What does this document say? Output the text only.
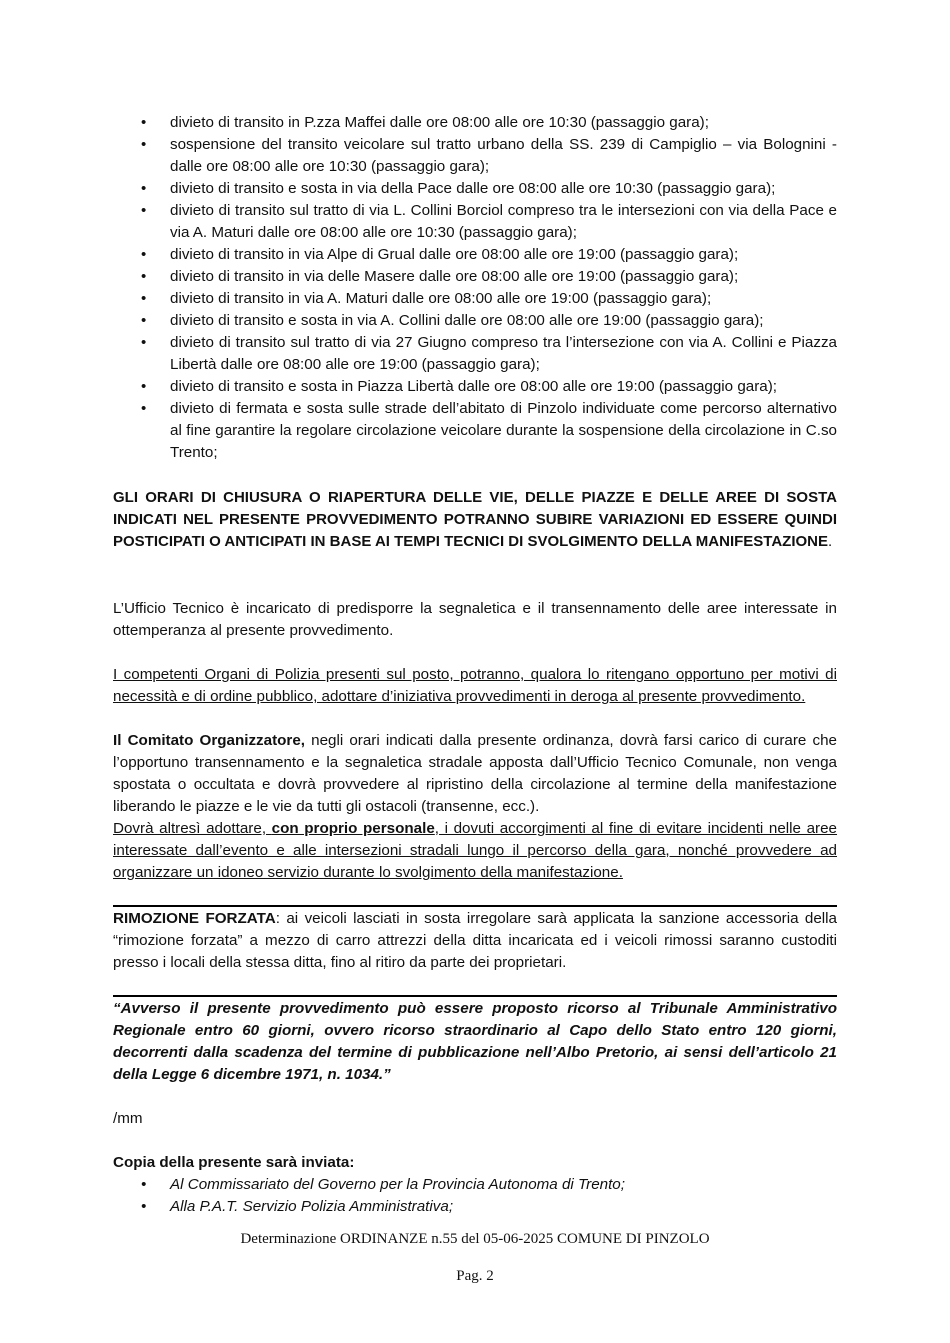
• divieto di transito in P.zza Maffei dalle ore 08:00 alle ore 10:30 (passaggio gara);
• sospensione del transito veicolare sul tratto urbano della SS. 239 di Campiglio – via Bolognini - dalle ore 08:00 alle ore 10:30 (passaggio gara);
• divieto di transito e sosta in via della Pace dalle ore 08:00 alle ore 10:30 (passaggio gara);
• divieto di transito sul tratto di via L. Collini Borciol compreso tra le intersezioni con via della Pace e via A. Maturi dalle ore 08:00 alle ore 10:30 (passaggio gara);
• divieto di transito in via Alpe di Grual dalle ore 08:00 alle ore 19:00 (passaggio gara);
• divieto di transito in via delle Masere dalle ore 08:00 alle ore 19:00 (passaggio gara);
• divieto di transito in via A. Maturi dalle ore 08:00 alle ore 19:00 (passaggio gara);
• divieto di transito e sosta in via A. Collini dalle ore 08:00 alle ore 19:00 (passaggio gara);
• divieto di transito sul tratto di via 27 Giugno compreso tra l’intersezione con via A. Collini e Piazza Libertà dalle ore 08:00 alle ore 19:00 (passaggio gara);
• divieto di transito e sosta in Piazza Libertà dalle ore 08:00 alle ore 19:00 (passaggio gara);
• divieto di fermata e sosta sulle strade dell’abitato di Pinzolo individuate come percorso alternativo al fine garantire la regolare circolazione veicolare durante la sospensione della circolazione in C.so Trento;

GLI ORARI DI CHIUSURA O RIAPERTURA DELLE VIE, DELLE PIAZZE E DELLE AREE DI SOSTA INDICATI NEL PRESENTE PROVVEDIMENTO POTRANNO SUBIRE VARIAZIONI ED ESSERE QUINDI POSTICIPATI O ANTICIPATI IN BASE AI TEMPI TECNICI DI SVOLGIMENTO DELLA MANIFESTAZIONE.

L’Ufficio Tecnico è incaricato di predisporre la segnaletica e il transennamento delle aree interessate in ottemperanza al presente provvedimento.

I competenti Organi di Polizia presenti sul posto, potranno, qualora lo ritengano opportuno per motivi di necessità e di ordine pubblico, adottare d’iniziativa provvedimenti in deroga al presente provvedimento.

Il Comitato Organizzatore, negli orari indicati dalla presente ordinanza, dovrà farsi carico di curare che l’opportuno transennamento e la segnaletica stradale apposta dall’Ufficio Tecnico Comunale, non venga spostata o occultata e dovrà provvedere al ripristino della circolazione al termine della manifestazione liberando le piazze e le vie da tutti gli ostacoli (transenne, ecc.).

Dovrà altresì adottare, con proprio personale, i dovuti accorgimenti al fine di evitare incidenti nelle aree interessate dall’evento e alle intersezioni stradali lungo il percorso della gara, nonché provvedere ad organizzare un idoneo servizio durante lo svolgimento della manifestazione.

RIMOZIONE FORZATA: ai veicoli lasciati in sosta irregolare sarà applicata la sanzione accessoria della “rimozione forzata” a mezzo di carro attrezzi della ditta incaricata ed i veicoli rimossi saranno custoditi presso i locali della stessa ditta, fino al ritiro da parte dei proprietari.

“Avverso il presente provvedimento può essere proposto ricorso al Tribunale Amministrativo Regionale entro 60 giorni, ovvero ricorso straordinario al Capo dello Stato entro 120 giorni, decorrenti dalla scadenza del termine di pubblicazione nell’Albo Pretorio, ai sensi dell’articolo 21 della Legge 6 dicembre 1971, n. 1034.”

/mm

Copia della presente sarà inviata:

• Al Commissariato del Governo per la Provincia Autonoma di Trento;
• Alla P.A.T. Servizio Polizia Amministrativa;
Determinazione ORDINANZE n.55 del 05-06-2025 COMUNE DI PINZOLO
Pag. 2
